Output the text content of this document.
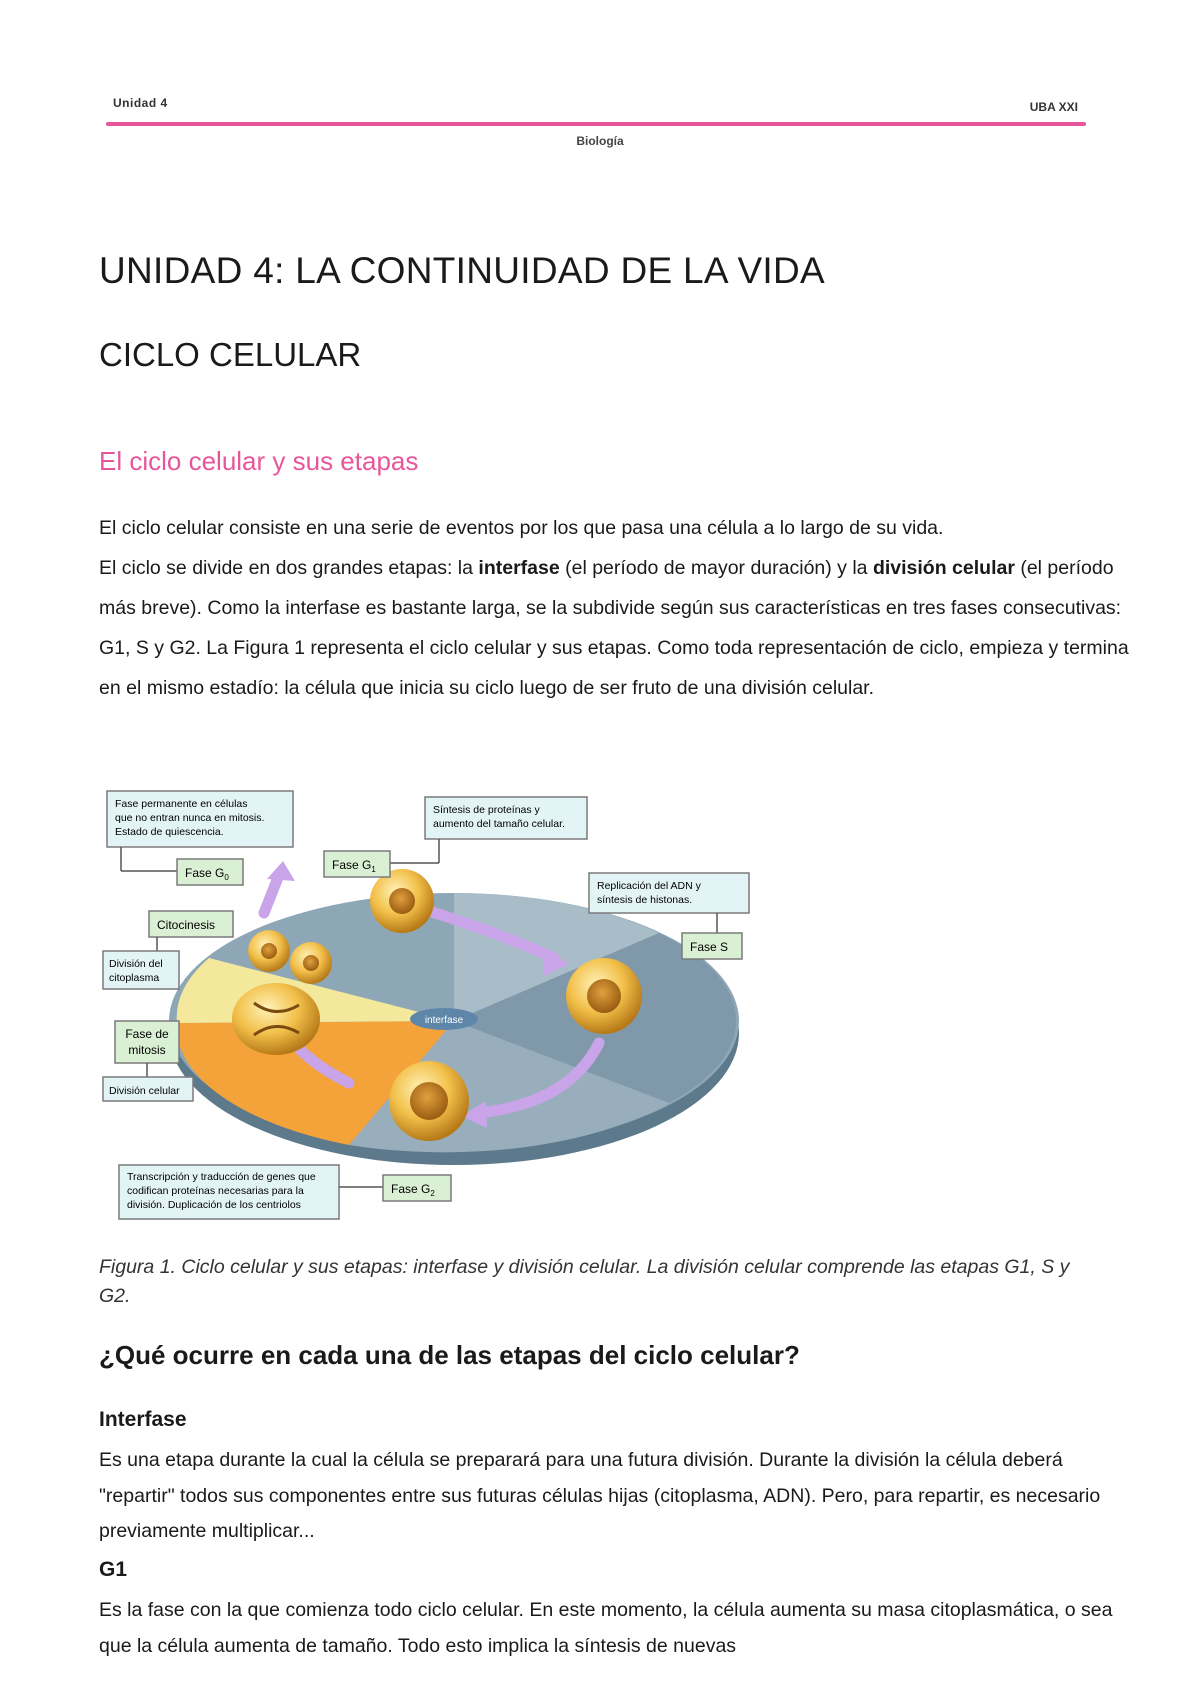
Unidad 4	UBA XXI
Biología
UNIDAD 4: LA CONTINUIDAD DE LA VIDA
CICLO CELULAR
El ciclo celular y sus etapas

El ciclo celular consiste en una serie de eventos por los que pasa una célula a lo largo de su vida.

El ciclo se divide en dos grandes etapas: la interfase (el período de mayor duración) y la división celular (el período más breve). Como la interfase es bastante larga, se la subdivide según sus características en tres fases consecutivas: G1, S y G2. La Figura 1 representa el ciclo celular y sus etapas. Como toda representación de ciclo, empieza y termina en el mismo estadío: la célula que inicia su ciclo luego de ser fruto de una división celular.

interfase
Fase permanente en células
que no entran nunca en mitosis.
Estado de quiescencia.
Fase $G_0$
Síntesis de proteínas y
aumento del tamaño celular.
Fase $G_1$
Replicación del ADN y
síntesis de histonas.
Fase S
Citocinesis
División del
citoplasma
Fase de
mitosis
División celular
Transcripción y traducción de genes que
codifican proteínas necesarias para la
división. Duplicación de los centriolos
Fase $G_2$

Figura 1. Ciclo celular y sus etapas: interfase y división celular. La división celular comprende las etapas G1, S y G2.

¿Qué ocurre en cada una de las etapas del ciclo celular?
Interfase

Es una etapa durante la cual la célula se preparará para una futura división. Durante la división la célula deberá "repartir" todos sus componentes entre sus futuras células hijas (citoplasma, ADN). Pero, para repartir, es necesario previamente multiplicar...

G1

Es la fase con la que comienza todo ciclo celular. En este momento, la célula aumenta su masa citoplasmática, o sea que la célula aumenta de tamaño. Todo esto implica la síntesis de nuevas
